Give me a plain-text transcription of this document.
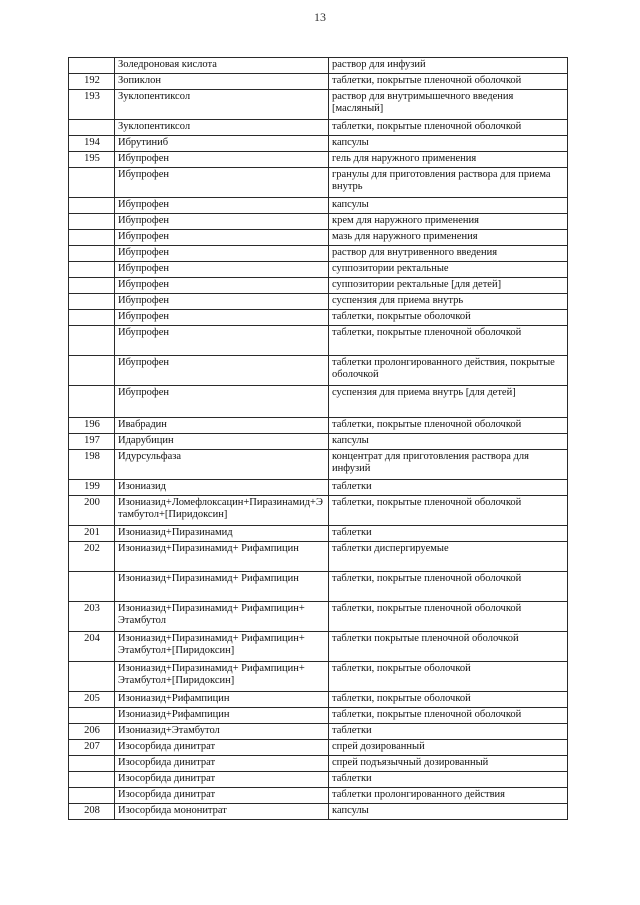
13
	Золедроновая кислота	раствор для инфузий
192	Зопиклон	таблетки, покрытые пленочной оболочкой
193	Зуклопентиксол	раствор для внутримышечного введения [масляный]
	Зуклопентиксол	таблетки, покрытые пленочной оболочкой
194	Ибрутиниб	капсулы
195	Ибупрофен	гель для наружного применения
	Ибупрофен	гранулы для приготовления раствора для приема внутрь
	Ибупрофен	капсулы
	Ибупрофен	крем для наружного применения
	Ибупрофен	мазь для наружного применения
	Ибупрофен	раствор для внутривенного введения
	Ибупрофен	суппозитории ректальные
	Ибупрофен	суппозитории ректальные [для детей]
	Ибупрофен	суспензия для приема внутрь
	Ибупрофен	таблетки, покрытые оболочкой
	Ибупрофен	таблетки, покрытые пленочной оболочкой
	Ибупрофен	таблетки пролонгированного действия, покрытые оболочкой
	Ибупрофен	суспензия для приема внутрь [для детей]
196	Ивабрадин	таблетки, покрытые пленочной оболочкой
197	Идарубицин	капсулы
198	Идурсульфаза	концентрат для приготовления раствора для инфузий
199	Изониазид	таблетки
200	Изониазид+Ломефлоксацин+Пиразинамид+Этамбутол+[Пиридоксин]	таблетки, покрытые пленочной оболочкой
201	Изониазид+Пиразинамид	таблетки
202	Изониазид+Пиразинамид+ Рифампицин	таблетки диспергируемые
	Изониазид+Пиразинамид+ Рифампицин	таблетки, покрытые пленочной оболочкой
203	Изониазид+Пиразинамид+ Рифампицин+ Этамбутол	таблетки, покрытые пленочной оболочкой
204	Изониазид+Пиразинамид+ Рифампицин+ Этамбутол+[Пиридоксин]	таблетки покрытые пленочной оболочкой
	Изониазид+Пиразинамид+ Рифампицин+ Этамбутол+[Пиридоксин]	таблетки, покрытые оболочкой
205	Изониазид+Рифампицин	таблетки, покрытые оболочкой
	Изониазид+Рифампицин	таблетки, покрытые пленочной оболочкой
206	Изониазид+Этамбутол	таблетки
207	Изосорбида динитрат	спрей дозированный
	Изосорбида динитрат	спрей подъязычный дозированный
	Изосорбида динитрат	таблетки
	Изосорбида динитрат	таблетки пролонгированного действия
208	Изосорбида мононитрат	капсулы
